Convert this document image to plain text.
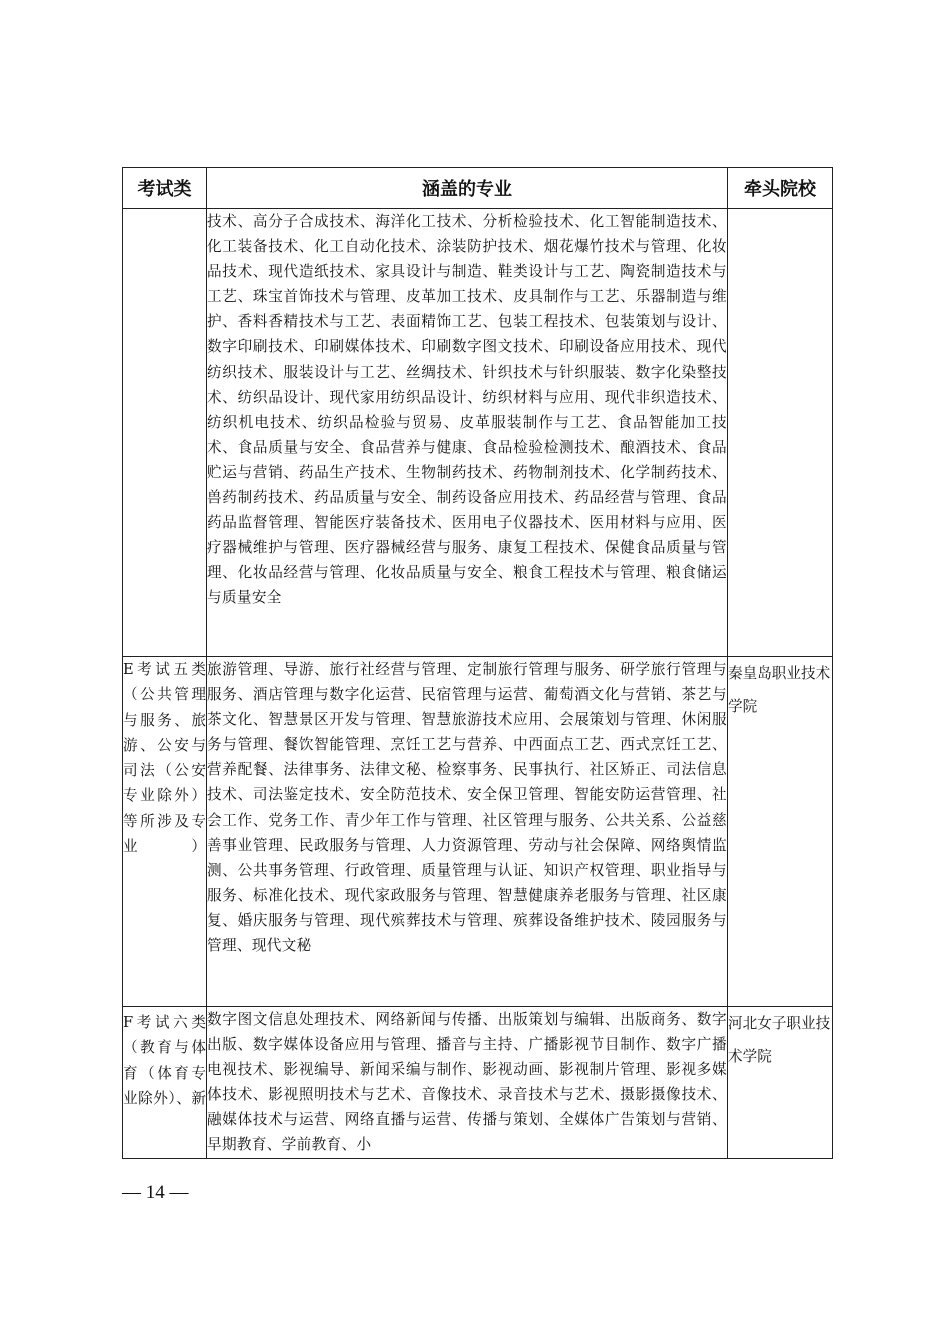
考试类	涵盖的专业	牵头院校
	技术、高分子合成技术、海洋化工技术、分析检验技术、化工智能制造技术、化工装备技术、化工自动化技术、涂装防护技术、烟花爆竹技术与管理、化妆品技术、现代造纸技术、家具设计与制造、鞋类设计与工艺、陶瓷制造技术与工艺、珠宝首饰技术与管理、皮革加工技术、皮具制作与工艺、乐器制造与维护、香料香精技术与工艺、表面精饰工艺、包装工程技术、包装策划与设计、数字印刷技术、印刷媒体技术、印刷数字图文技术、印刷设备应用技术、现代纺织技术、服装设计与工艺、丝绸技术、针织技术与针织服装、数字化染整技术、纺织品设计、现代家用纺织品设计、纺织材料与应用、现代非织造技术、纺织机电技术、纺织品检验与贸易、皮革服装制作与工艺、食品智能加工技术、食品质量与安全、食品营养与健康、食品检验检测技术、酿酒技术、食品贮运与营销、药品生产技术、生物制药技术、药物制剂技术、化学制药技术、兽药制药技术、药品质量与安全、制药设备应用技术、药品经营与管理、食品药品监督管理、智能医疗装备技术、医用电子仪器技术、医用材料与应用、医疗器械维护与管理、医疗器械经营与服务、康复工程技术、保健食品质量与管理、化妆品经营与管理、化妆品质量与安全、粮食工程技术与管理、粮食储运与质量安全	
E考试五类（公共管理与服务、旅游、公安与司法（公安专业除外）等所涉及专业）	旅游管理、导游、旅行社经营与管理、定制旅行管理与服务、研学旅行管理与服务、酒店管理与数字化运营、民宿管理与运营、葡萄酒文化与营销、茶艺与茶文化、智慧景区开发与管理、智慧旅游技术应用、会展策划与管理、休闲服务与管理、餐饮智能管理、烹饪工艺与营养、中西面点工艺、西式烹饪工艺、营养配餐、法律事务、法律文秘、检察事务、民事执行、社区矫正、司法信息技术、司法鉴定技术、安全防范技术、安全保卫管理、智能安防运营管理、社会工作、党务工作、青少年工作与管理、社区管理与服务、公共关系、公益慈善事业管理、民政服务与管理、人力资源管理、劳动与社会保障、网络舆情监测、公共事务管理、行政管理、质量管理与认证、知识产权管理、职业指导与服务、标准化技术、现代家政服务与管理、智慧健康养老服务与管理、社区康复、婚庆服务与管理、现代殡葬技术与管理、殡葬设备维护技术、陵园服务与管理、现代文秘	秦皇岛职业技术学院
F考试六类（教育与体育（体育专业除外）、新	数字图文信息处理技术、网络新闻与传播、出版策划与编辑、出版商务、数字出版、数字媒体设备应用与管理、播音与主持、广播影视节目制作、数字广播电视技术、影视编导、新闻采编与制作、影视动画、影视制片管理、影视多媒体技术、影视照明技术与艺术、音像技术、录音技术与艺术、摄影摄像技术、融媒体技术与运营、网络直播与运营、传播与策划、全媒体广告策划与营销、早期教育、学前教育、小	河北女子职业技术学院
— 14 —
